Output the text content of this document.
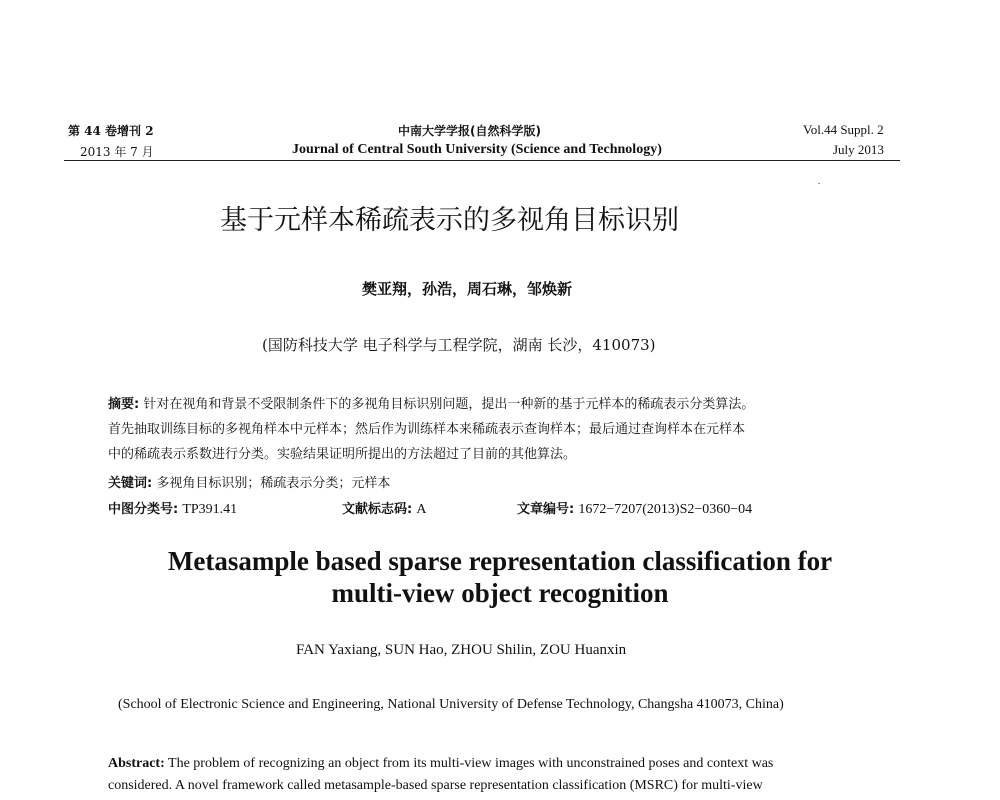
第 44 卷增刊 2
2013 年 7 月
中南大学学报(自然科学版)
Journal of Central South University (Science and Technology)
Vol.44 Suppl. 2
July 2013
基于元样本稀疏表示的多视角目标识别
樊亚翔，孙浩，周石琳，邹焕新
(国防科技大学 电子科学与工程学院，湖南 长沙，410073)
摘要: 针对在视角和背景不受限制条件下的多视角目标识别问题，提出一种新的基于元样本的稀疏表示分类算法。
首先抽取训练目标的多视角样本中元样本；然后作为训练样本来稀疏表示查询样本；最后通过查询样本在元样本
中的稀疏表示系数进行分类。实验结果证明所提出的方法超过了目前的其他算法。
关键词: 多视角目标识别；稀疏表示分类；元样本
中图分类号: TP391.41	文献标志码: A	文章编号: 1672−7207(2013)S2−0360−04
Metasample based sparse representation classification for
multi-view object recognition
FAN Yaxiang, SUN Hao, ZHOU Shilin, ZOU Huanxin
(School of Electronic Science and Engineering, National University of Defense Technology, Changsha 410073, China)
Abstract: The problem of recognizing an object from its multi-view images with unconstrained poses and context was
considered. A novel framework called metasample-based sparse representation classification (MSRC) for multi-view
